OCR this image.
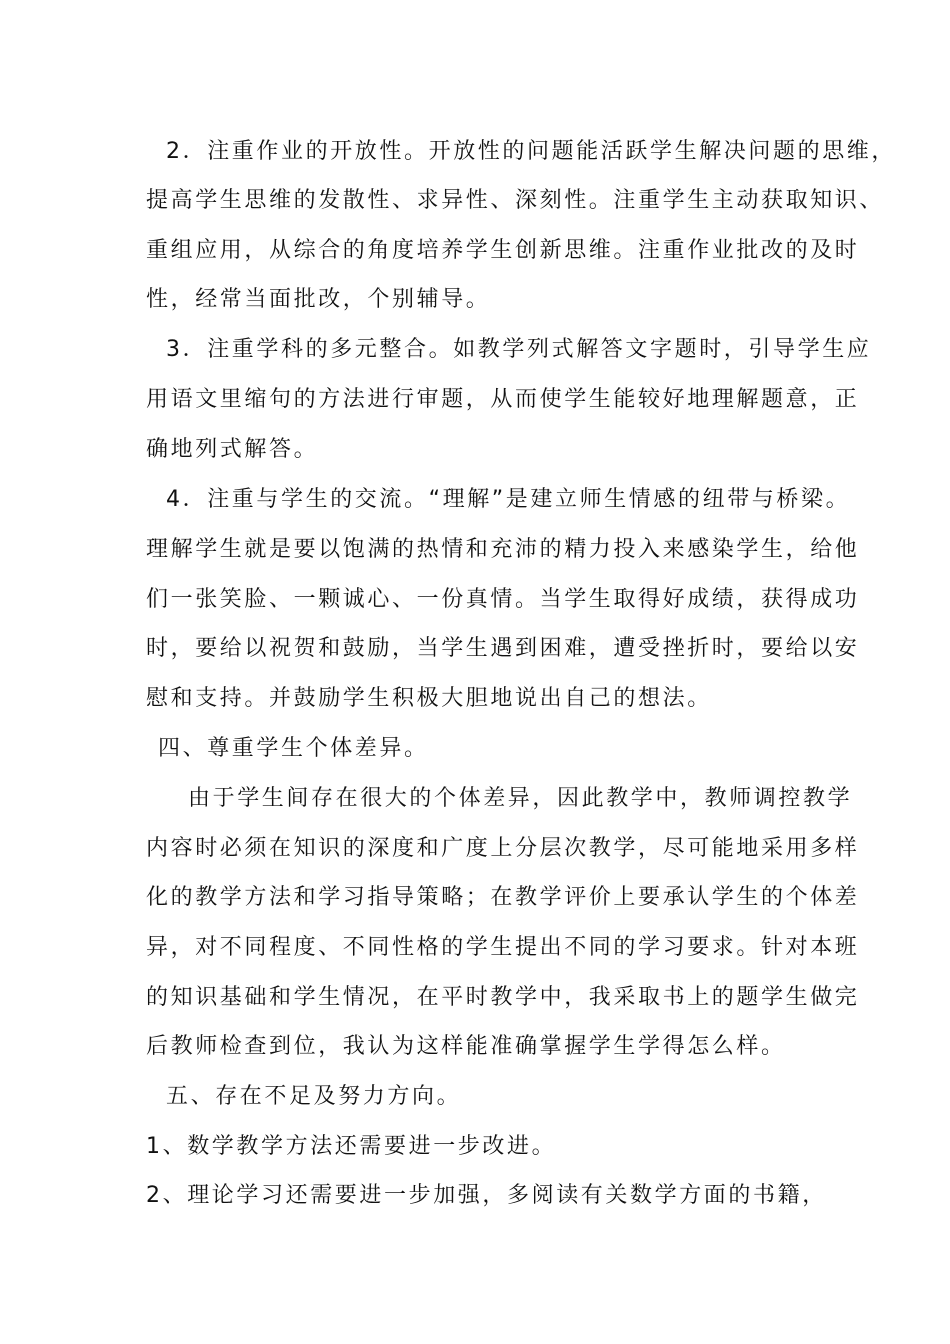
2．注重作业的开放性。开放性的问题能活跃学生解决问题的思维，
提高学生思维的发散性、求异性、深刻性。注重学生主动获取知识、
重组应用，从综合的角度培养学生创新思维。注重作业批改的及时
性，经常当面批改，个别辅导。
3．注重学科的多元整合。如教学列式解答文字题时，引导学生应
用语文里缩句的方法进行审题，从而使学生能较好地理解题意，正
确地列式解答。
4．注重与学生的交流。“理解”是建立师生情感的纽带与桥梁。
理解学生就是要以饱满的热情和充沛的精力投入来感染学生，给他
们一张笑脸、一颗诚心、一份真情。当学生取得好成绩，获得成功
时，要给以祝贺和鼓励，当学生遇到困难，遭受挫折时，要给以安
慰和支持。并鼓励学生积极大胆地说出自己的想法。
四、尊重学生个体差异。
由于学生间存在很大的个体差异，因此教学中，教师调控教学
内容时必须在知识的深度和广度上分层次教学，尽可能地采用多样
化的教学方法和学习指导策略；在教学评价上要承认学生的个体差
异，对不同程度、不同性格的学生提出不同的学习要求。针对本班
的知识基础和学生情况，在平时教学中，我采取书上的题学生做完
后教师检查到位，我认为这样能准确掌握学生学得怎么样。
五、存在不足及努力方向。
1、数学教学方法还需要进一步改进。
2、理论学习还需要进一步加强，多阅读有关数学方面的书籍，
